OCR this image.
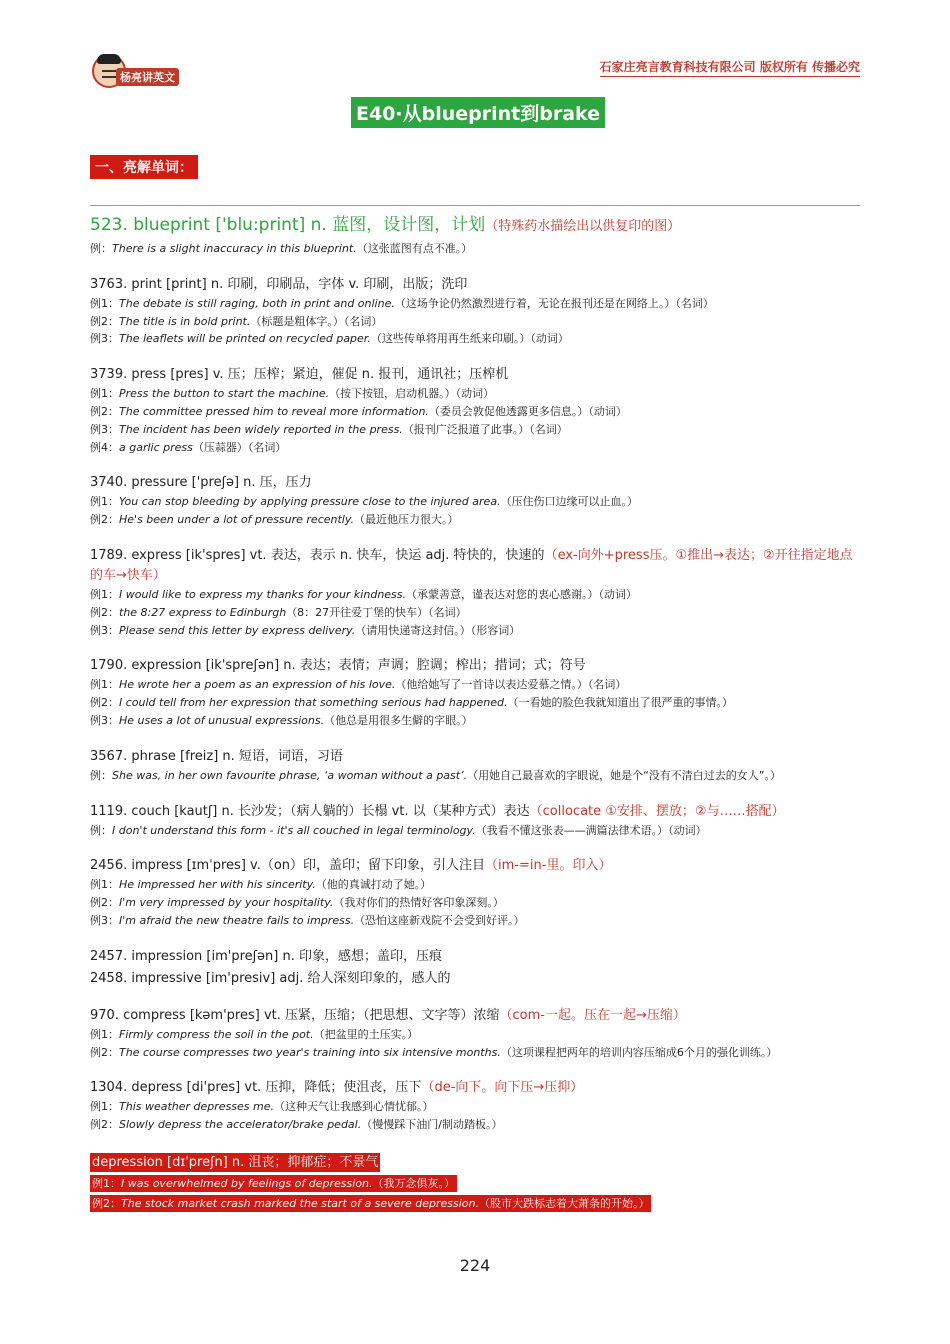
杨亮讲英文
石家庄亮言教育科技有限公司 版权所有 传播必究
E40·从blueprint到brake
一、亮解单词：
523. blueprint ['blu:print] n. 蓝图，设计图，计划（特殊药水描绘出以供复印的图）
例：There is a slight inaccuracy in this blueprint.（这张蓝图有点不准。）
3763. print [print] n. 印刷，印刷品，字体 v. 印刷，出版；洗印
例1：The debate is still raging, both in print and online.（这场争论仍然激烈进行着，无论在报刊还是在网络上。）（名词）
例2：The title is in bold print.（标题是粗体字。）（名词）
例3：The leaflets will be printed on recycled paper.（这些传单将用再生纸来印刷。）（动词）
3739. press [pres] v. 压；压榨；紧迫，催促 n. 报刊，通讯社；压榨机
例1：Press the button to start the machine.（按下按钮，启动机器。）（动词）
例2：The committee pressed him to reveal more information.（委员会敦促他透露更多信息。）（动词）
例3：The incident has been widely reported in the press.（报刊广泛报道了此事。）（名词）
例4：a garlic press（压蒜器）（名词）
3740. pressure ['preʃə] n. 压，压力
例1：You can stop bleeding by applying pressure close to the injured area.（压住伤口边缘可以止血。）
例2：He's been under a lot of pressure recently.（最近他压力很大。）
1789. express [ik'spres] vt. 表达，表示 n. 快车，快运 adj. 特快的，快速的（ex-向外+press压。①推出→表达；②开往指定地点的车→快车）
例1：I would like to express my thanks for your kindness.（承蒙善意，谨表达对您的衷心感谢。）（动词）
例2：the 8:27 express to Edinburgh（8：27开往爱丁堡的快车）（名词）
例3：Please send this letter by express delivery.（请用快递寄这封信。）（形容词）
1790. expression [ik'spreʃən] n. 表达；表情；声调；腔调；榨出；措词；式；符号
例1：He wrote her a poem as an expression of his love.（他给她写了一首诗以表达爱慕之情。）（名词）
例2：I could tell from her expression that something serious had happened.（一看她的脸色我就知道出了很严重的事情。）
例3：He uses a lot of unusual expressions.（他总是用很多生僻的字眼。）
3567. phrase [freiz] n. 短语，词语，习语
例：She was, in her own favourite phrase, ‘a woman without a past’.（用她自己最喜欢的字眼说，她是个“没有不清白过去的女人”。）
1119. couch [kautʃ] n. 长沙发；（病人躺的）长榻 vt. 以（某种方式）表达（collocate ①安排、摆放；②与……搭配）
例：I don't understand this form - it's all couched in legal terminology.（我看不懂这张表——满篇法律术语。）（动词）
2456. impress [ɪmˈpres] v.（on）印，盖印；留下印象，引人注目（im-=in-里。印入）
例1：He impressed her with his sincerity.（他的真诚打动了她。）
例2：I'm very impressed by your hospitality.（我对你们的热情好客印象深刻。）
例3：I'm afraid the new theatre fails to impress.（恐怕这座新戏院不会受到好评。）
2457. impression [im'preʃən] n. 印象，感想；盖印，压痕
2458. impressive [im'presiv] adj. 给人深刻印象的，感人的
970. compress [kəm'pres] vt. 压紧，压缩；（把思想、文字等）浓缩（com-一起。压在一起→压缩）
例1：Firmly compress the soil in the pot.（把盆里的土压实。）
例2：The course compresses two year's training into six intensive months.（这项课程把两年的培训内容压缩成6个月的强化训练。）
1304. depress [di'pres] vt. 压抑，降低；使沮丧，压下（de-向下。向下压→压抑）
例1：This weather depresses me.（这种天气让我感到心情忧郁。）
例2：Slowly depress the accelerator/brake pedal.（慢慢踩下油门/制动踏板。）
depression [dɪˈpreʃn] n. 沮丧；抑郁症；不景气
例1：I was overwhelmed by feelings of depression.（我万念俱灰。）
例2：The stock market crash marked the start of a severe depression.（股市大跌标志着大萧条的开始。）
224
